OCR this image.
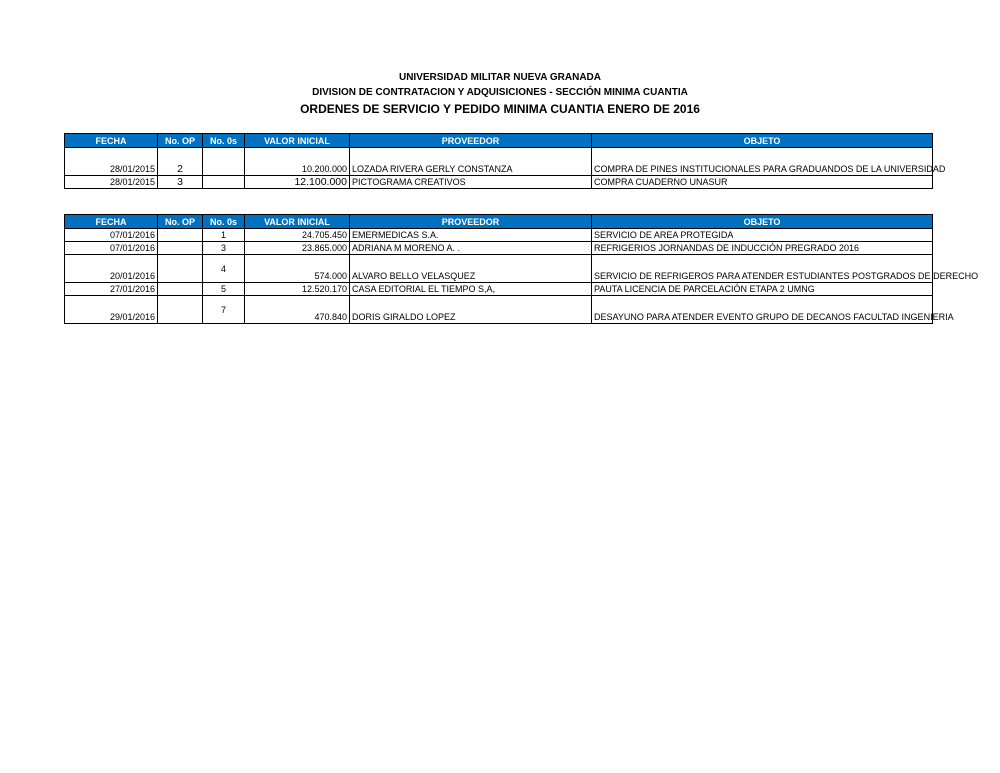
UNIVERSIDAD MILITAR NUEVA GRANADA
DIVISION DE CONTRATACION Y ADQUISICIONES - SECCIÓN MINIMA CUANTIA
ORDENES DE SERVICIO Y PEDIDO MINIMA CUANTIA ENERO DE 2016
FECHA	No. OP	No. 0s	VALOR INICIAL	PROVEEDOR	OBJETO
28/01/2015	2		10.200.000	LOZADA RIVERA GERLY CONSTANZA	COMPRA DE PINES INSTITUCIONALES PARA GRADUANDOS DE LA UNIVERSIDAD
28/01/2015	3		12.100.000	PICTOGRAMA CREATIVOS	COMPRA CUADERNO UNASUR
FECHA	No. OP	No. 0s	VALOR INICIAL	PROVEEDOR	OBJETO
07/01/2016		1	24.705.450	EMERMEDICAS S.A.	SERVICIO DE AREA PROTEGIDA
07/01/2016		3	23.865.000	ADRIANA M MORENO A. .	REFRIGERIOS JORNANDAS DE INDUCCIÓN PREGRADO 2016
20/01/2016		4	574.000	ALVARO BELLO VELASQUEZ	SERVICIO DE REFRIGEROS PARA ATENDER ESTUDIANTES POSTGRADOS DE DERECHO
27/01/2016		5	12.520.170	CASA EDITORIAL EL TIEMPO S,A,	PAUTA LICENCIA DE PARCELACIÓN ETAPA 2 UMNG
29/01/2016		7	470.840	DORIS GIRALDO LOPEZ	DESAYUNO PARA ATENDER EVENTO GRUPO DE DECANOS FACULTAD INGENIERIA
